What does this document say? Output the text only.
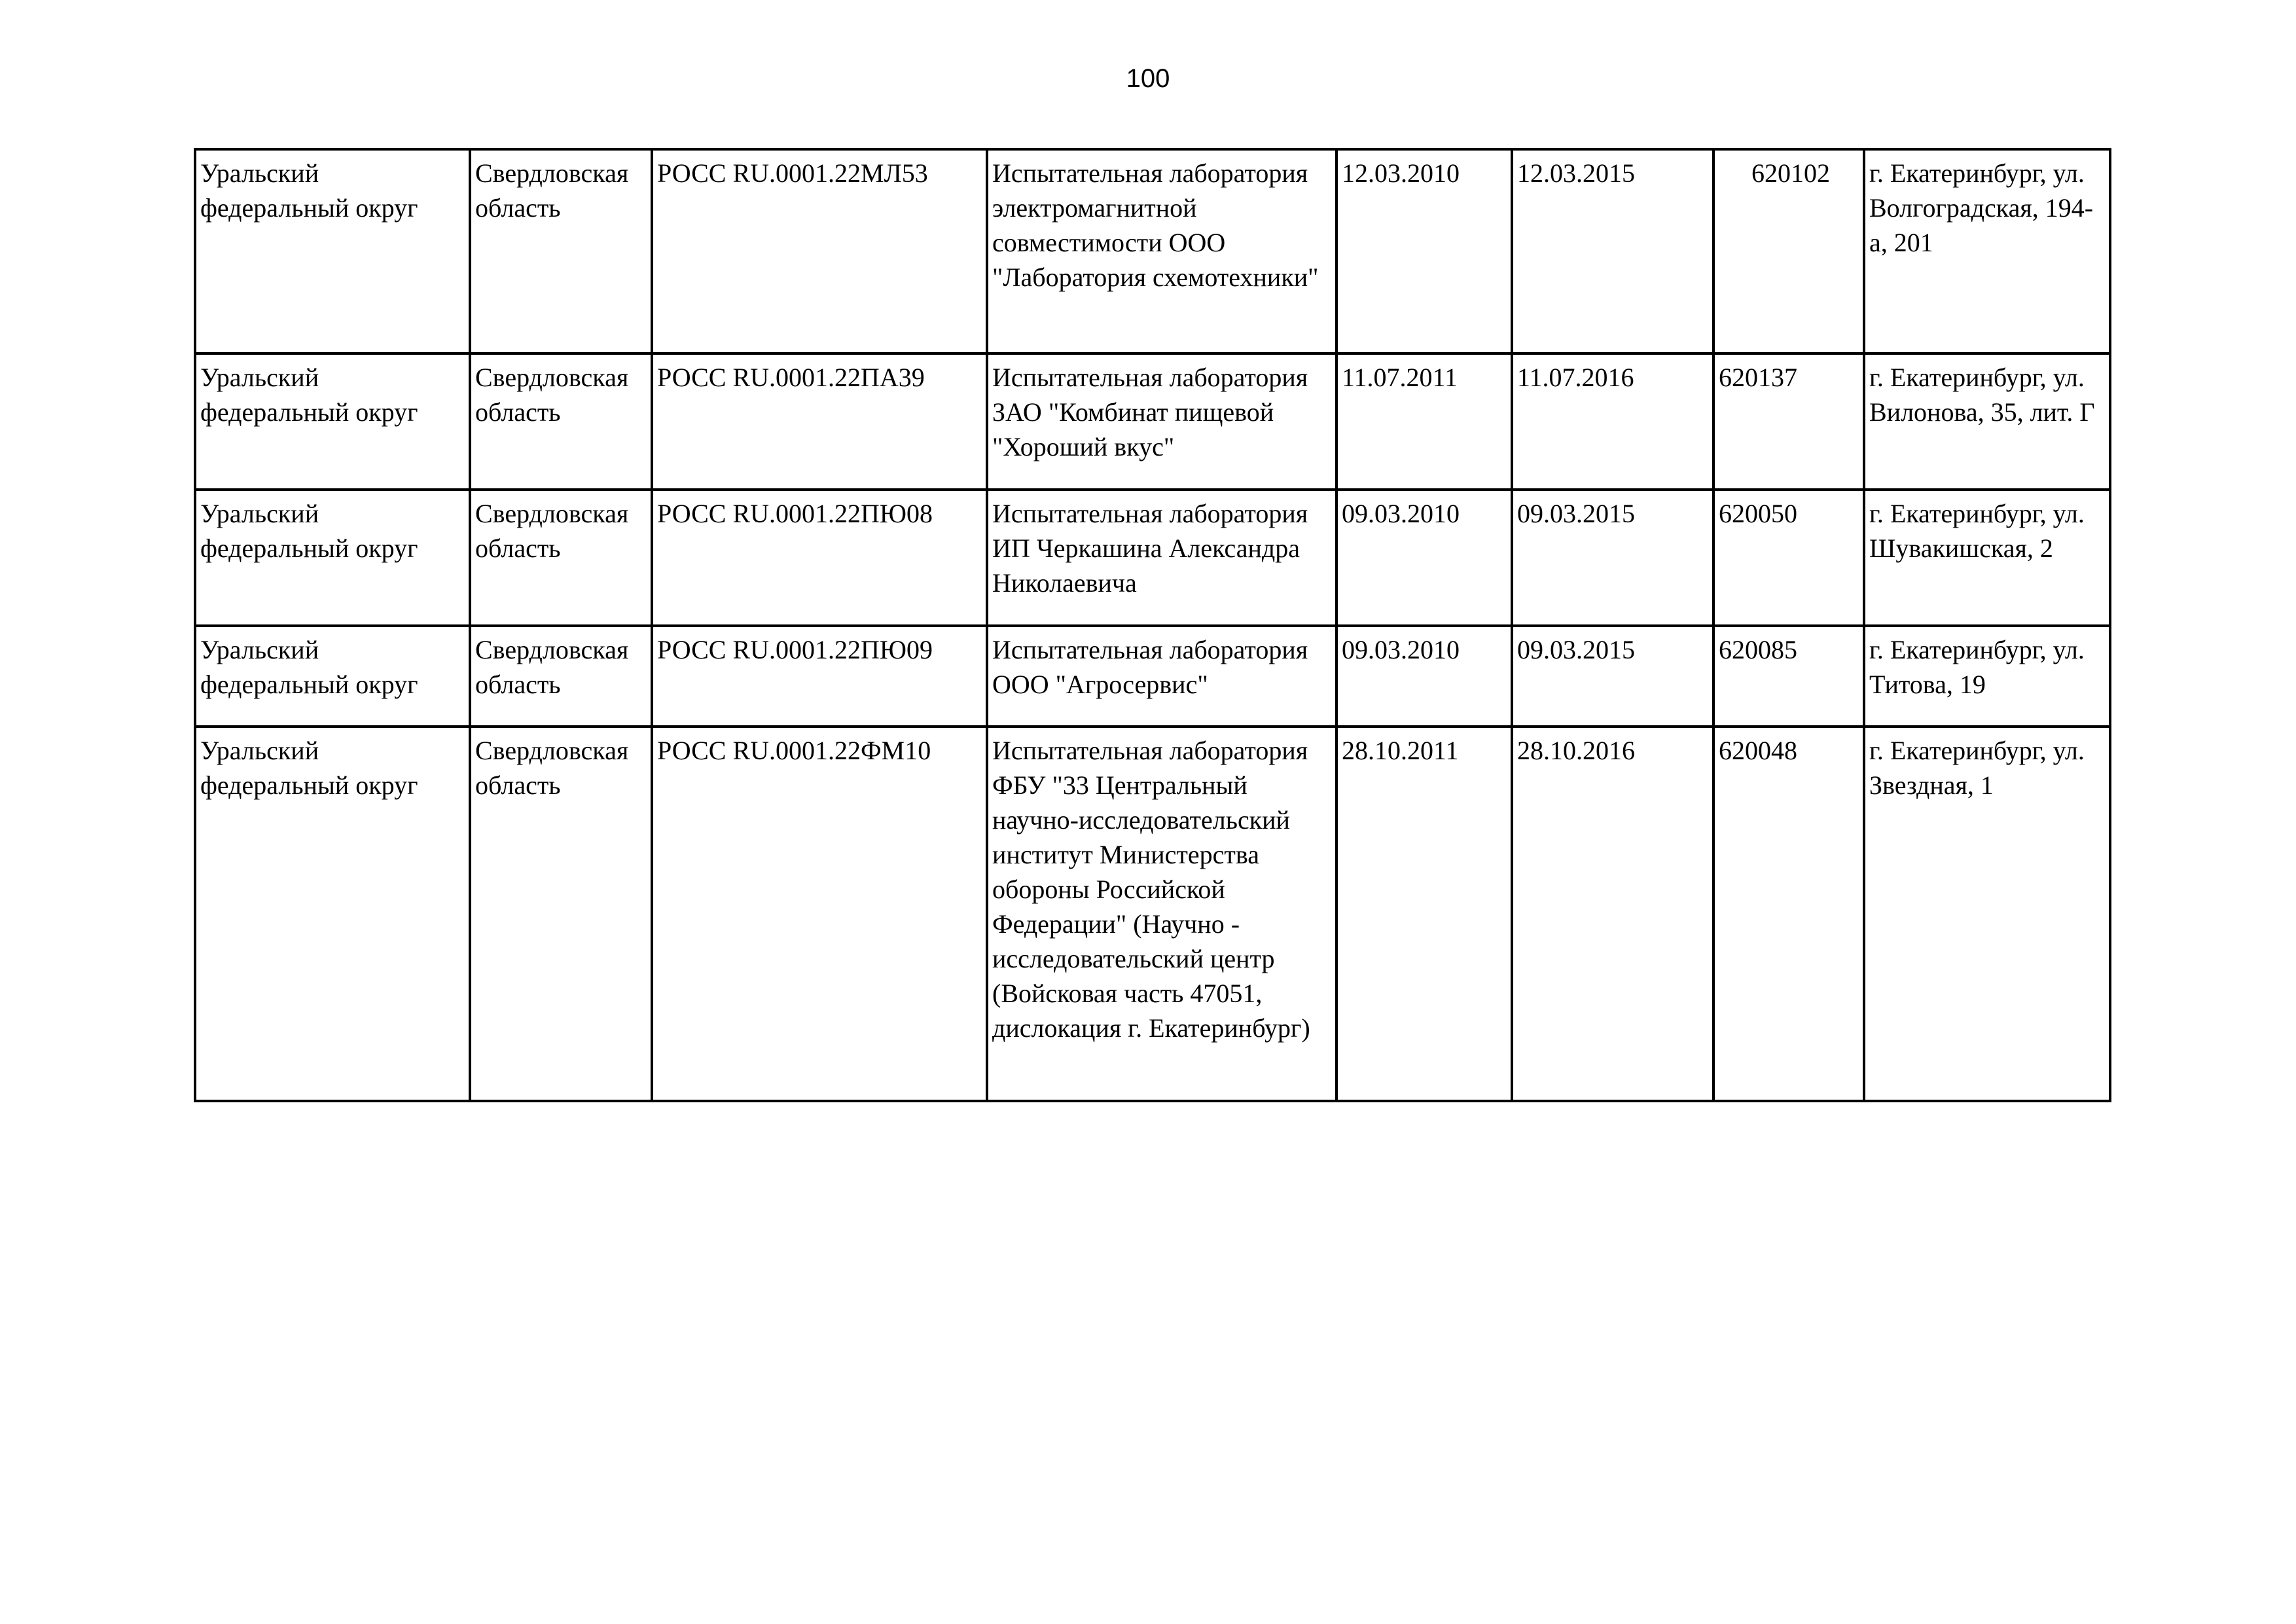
100
Уральский федеральный округ	Свердловская область	РОСС RU.0001.22МЛ53	Испытательная лаборатория электромагнитной совместимости ООО "Лаборатория схемотехники"	12.03.2010	12.03.2015	620102	г. Екатеринбург, ул. Волгоградская, 194-а, 201
Уральский федеральный округ	Свердловская область	РОСС RU.0001.22ПА39	Испытательная лаборатория ЗАО "Комбинат пищевой "Хороший вкус"	11.07.2011	11.07.2016	620137	г. Екатеринбург, ул. Вилонова, 35, лит. Г
Уральский федеральный округ	Свердловская область	РОСС RU.0001.22ПЮ08	Испытательная лаборатория ИП Черкашина Александра Николаевича	09.03.2010	09.03.2015	620050	г. Екатеринбург, ул. Шувакишская, 2
Уральский федеральный округ	Свердловская область	РОСС RU.0001.22ПЮ09	Испытательная лаборатория ООО "Агросервис"	09.03.2010	09.03.2015	620085	г. Екатеринбург, ул. Титова, 19
Уральский федеральный округ	Свердловская область	РОСС RU.0001.22ФМ10	Испытательная лаборатория ФБУ "33 Центральный научно-исследовательский институт Министерства обороны Российской Федерации" (Научно - исследовательский центр (Войсковая часть 47051, дислокация г. Екатеринбург)	28.10.2011	28.10.2016	620048	г. Екатеринбург, ул. Звездная, 1
